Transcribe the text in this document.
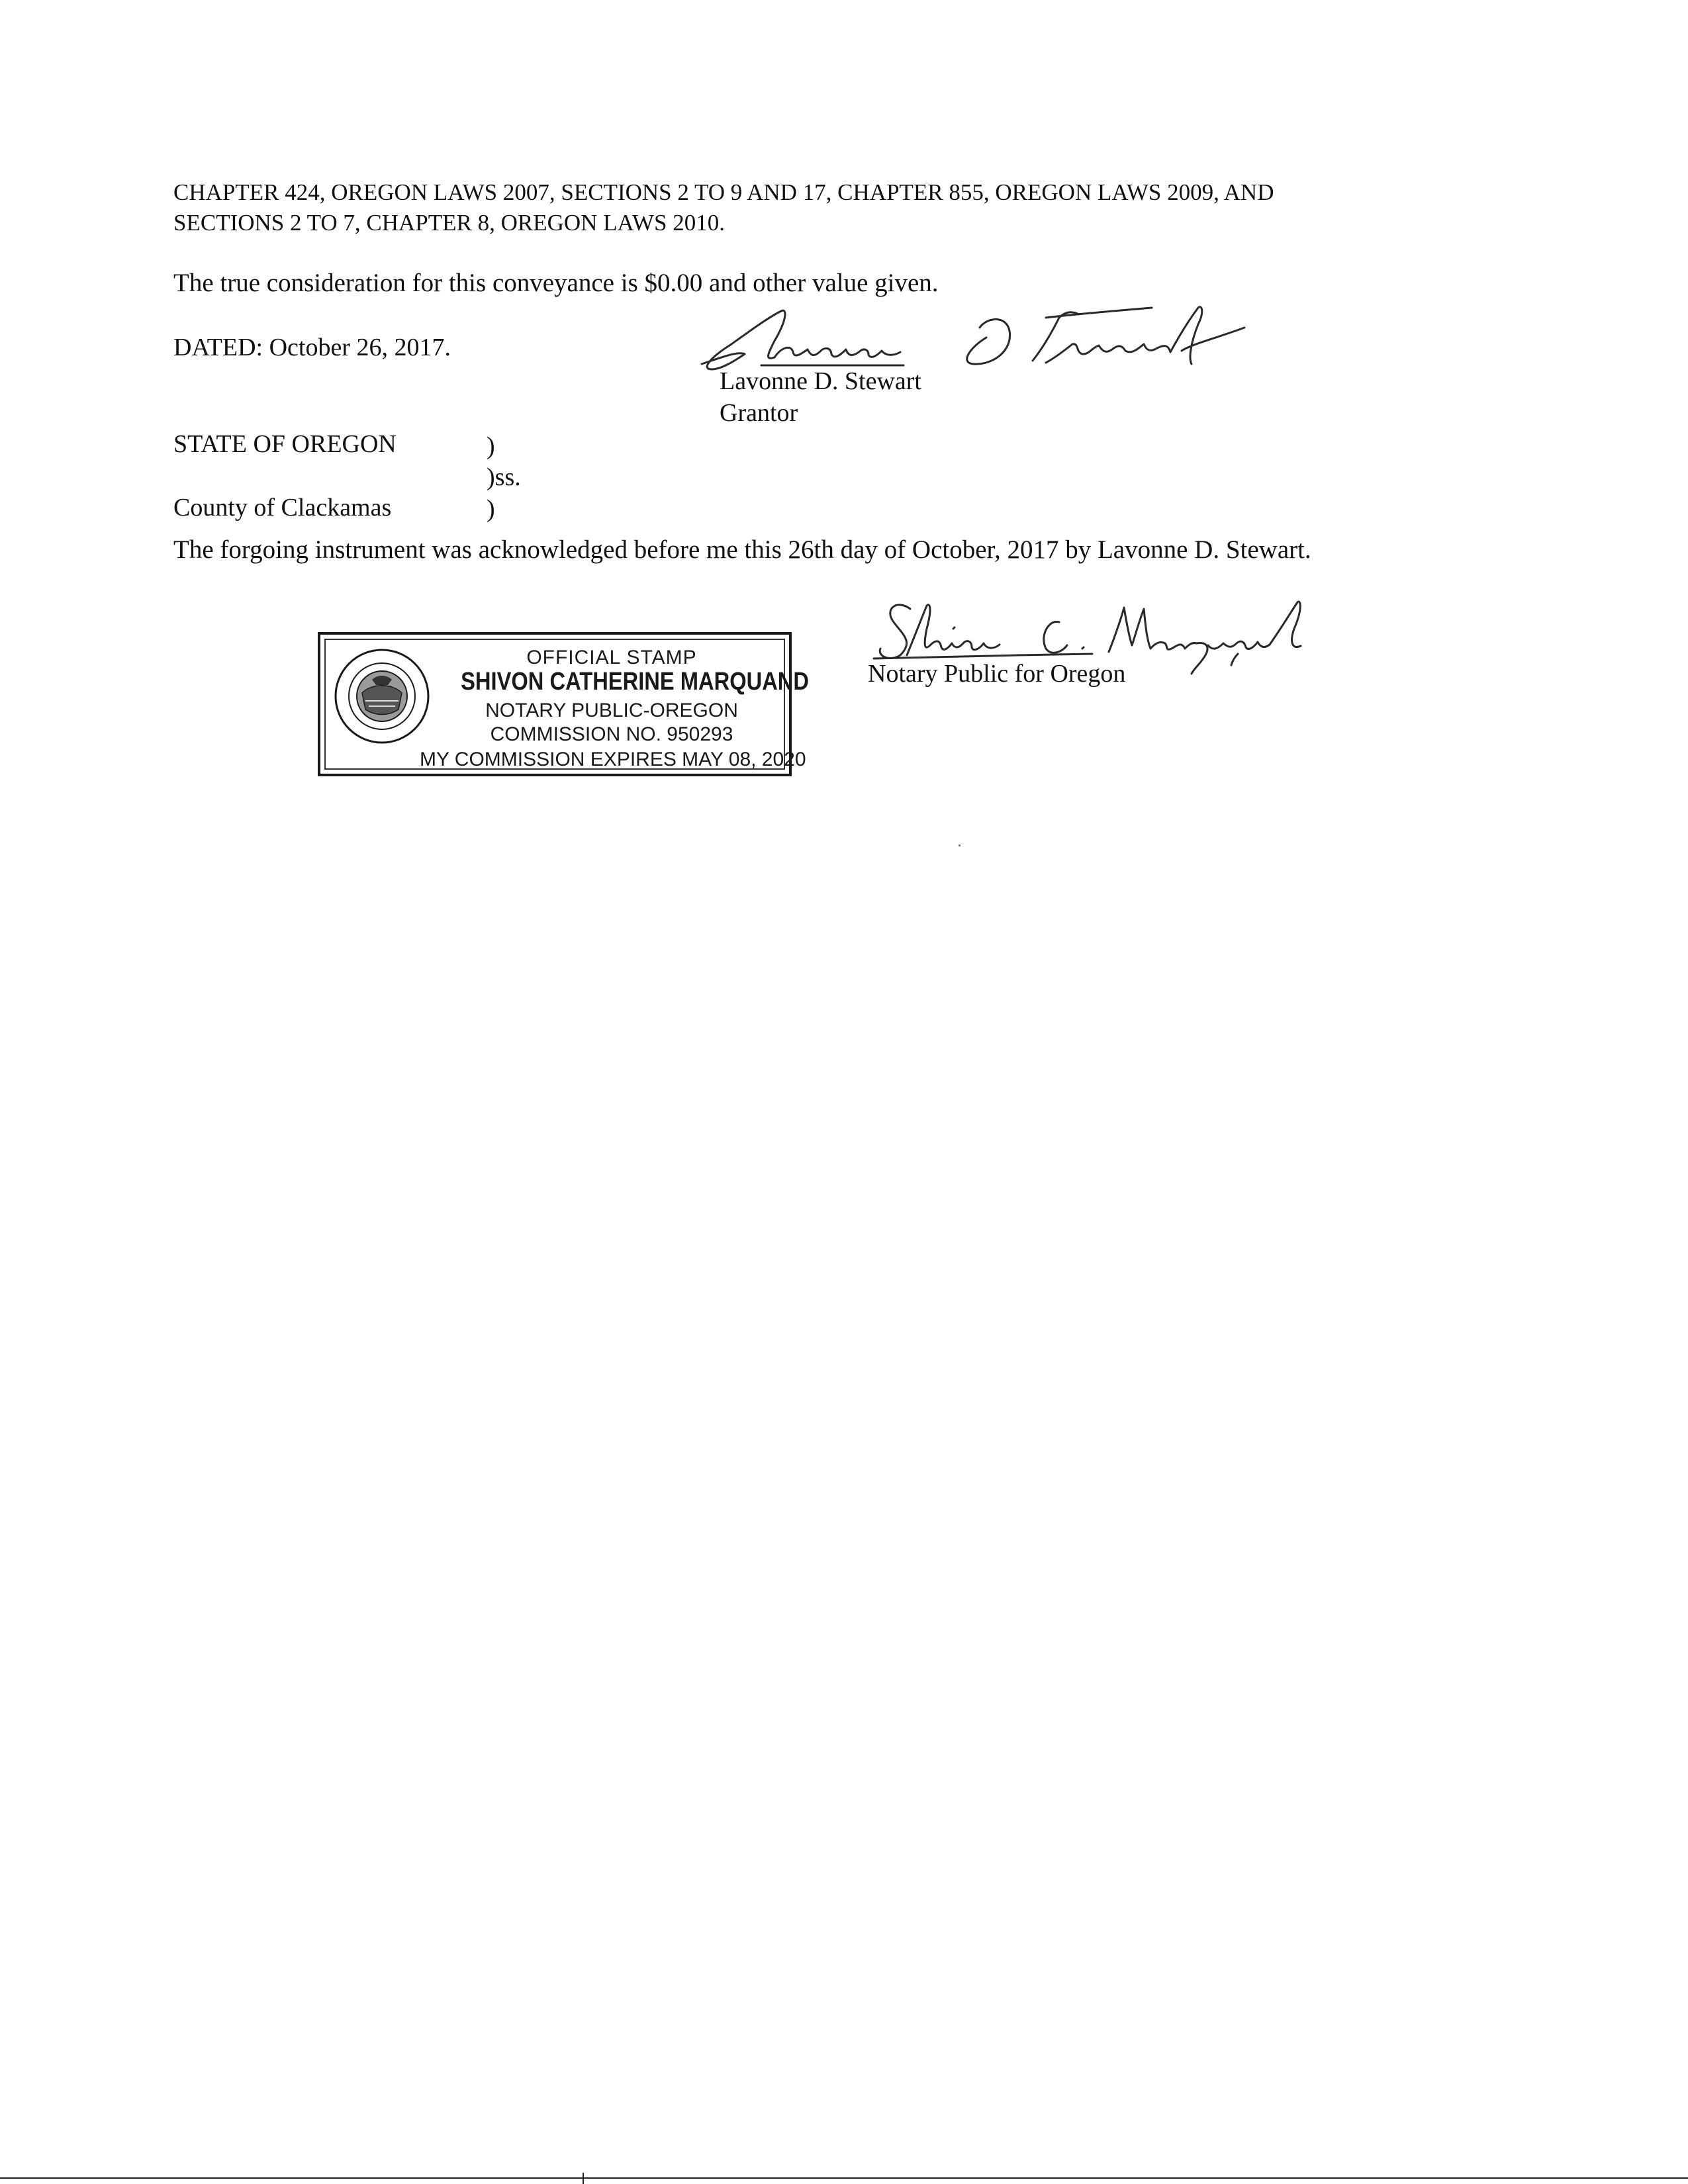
CHAPTER 424, OREGON LAWS 2007, SECTIONS 2 TO 9 AND 17, CHAPTER 855, OREGON LAWS 2009, AND
SECTIONS 2 TO 7, CHAPTER 8, OREGON LAWS 2010.
The true consideration for this conveyance is $0.00 and other value given.
DATED: October 26, 2017.
Lavonne D. Stewart
Grantor
STATE OF OREGON	)
)ss.
County of Clackamas	)
The forgoing instrument was acknowledged before me this 26th day of October, 2017 by Lavonne D. Stewart.
OFFICIAL STAMP
SHIVON CATHERINE MARQUAND
NOTARY PUBLIC-OREGON
COMMISSION NO. 950293
MY COMMISSION EXPIRES MAY 08, 2020
Notary Public for Oregon
